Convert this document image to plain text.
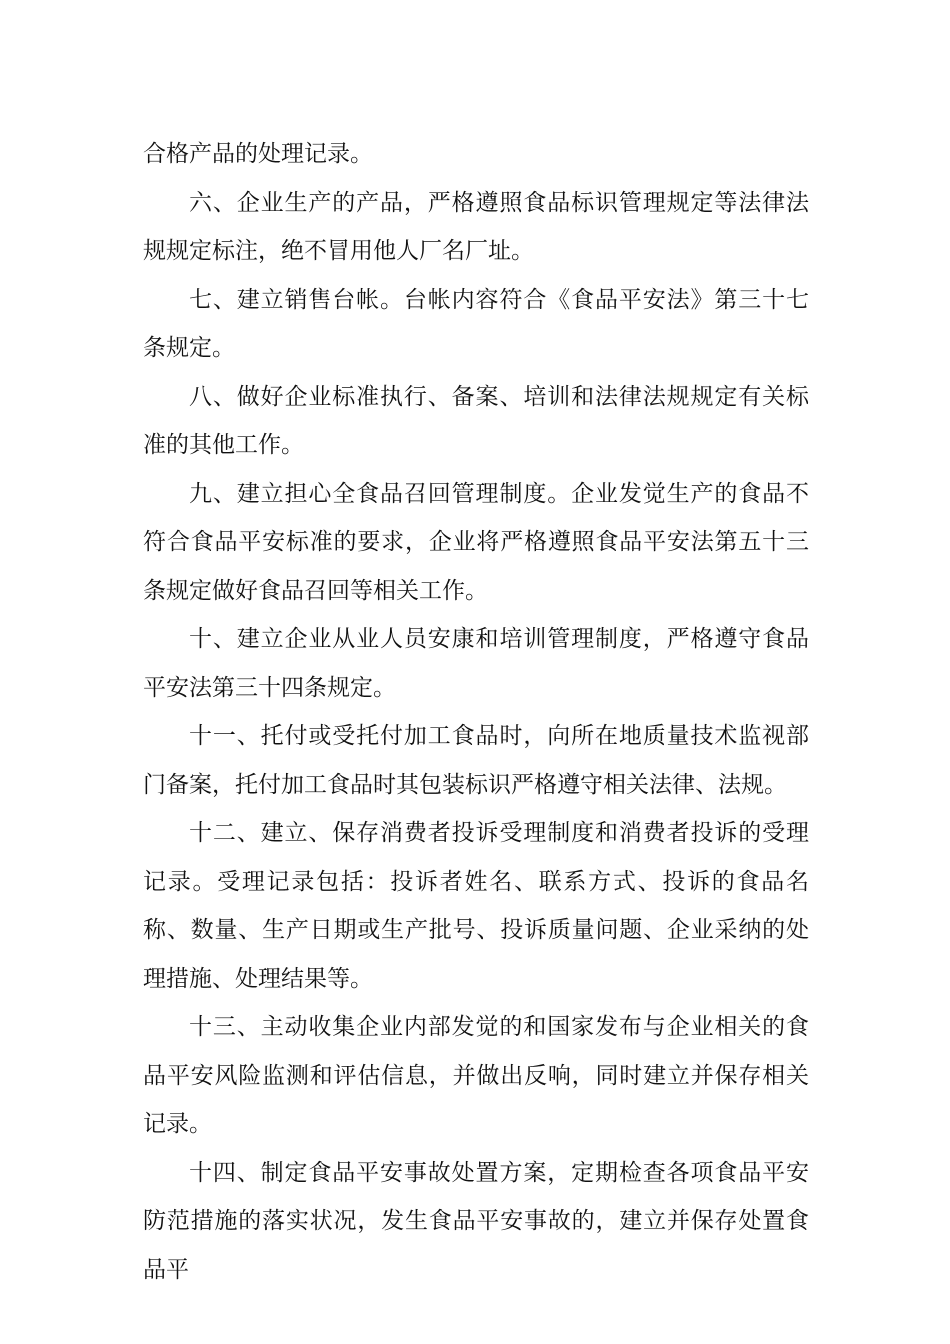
合格产品的处理记录。

六、企业生产的产品，严格遵照食品标识管理规定等法律法规规定标注，绝不冒用他人厂名厂址。

七、建立销售台帐。台帐内容符合《食品平安法》第三十七条规定。

八、做好企业标准执行、备案、培训和法律法规规定有关标准的其他工作。

九、建立担心全食品召回管理制度。企业发觉生产的食品不符合食品平安标准的要求，企业将严格遵照食品平安法第五十三条规定做好食品召回等相关工作。

十、建立企业从业人员安康和培训管理制度，严格遵守食品平安法第三十四条规定。

十一、托付或受托付加工食品时，向所在地质量技术监视部门备案，托付加工食品时其包装标识严格遵守相关法律、法规。

十二、建立、保存消费者投诉受理制度和消费者投诉的受理记录。受理记录包括：投诉者姓名、联系方式、投诉的食品名称、数量、生产日期或生产批号、投诉质量问题、企业采纳的处理措施、处理结果等。

十三、主动收集企业内部发觉的和国家发布与企业相关的食品平安风险监测和评估信息，并做出反响，同时建立并保存相关记录。

十四、制定食品平安事故处置方案，定期检查各项食品平安防范措施的落实状况，发生食品平安事故的，建立并保存处置食品平
